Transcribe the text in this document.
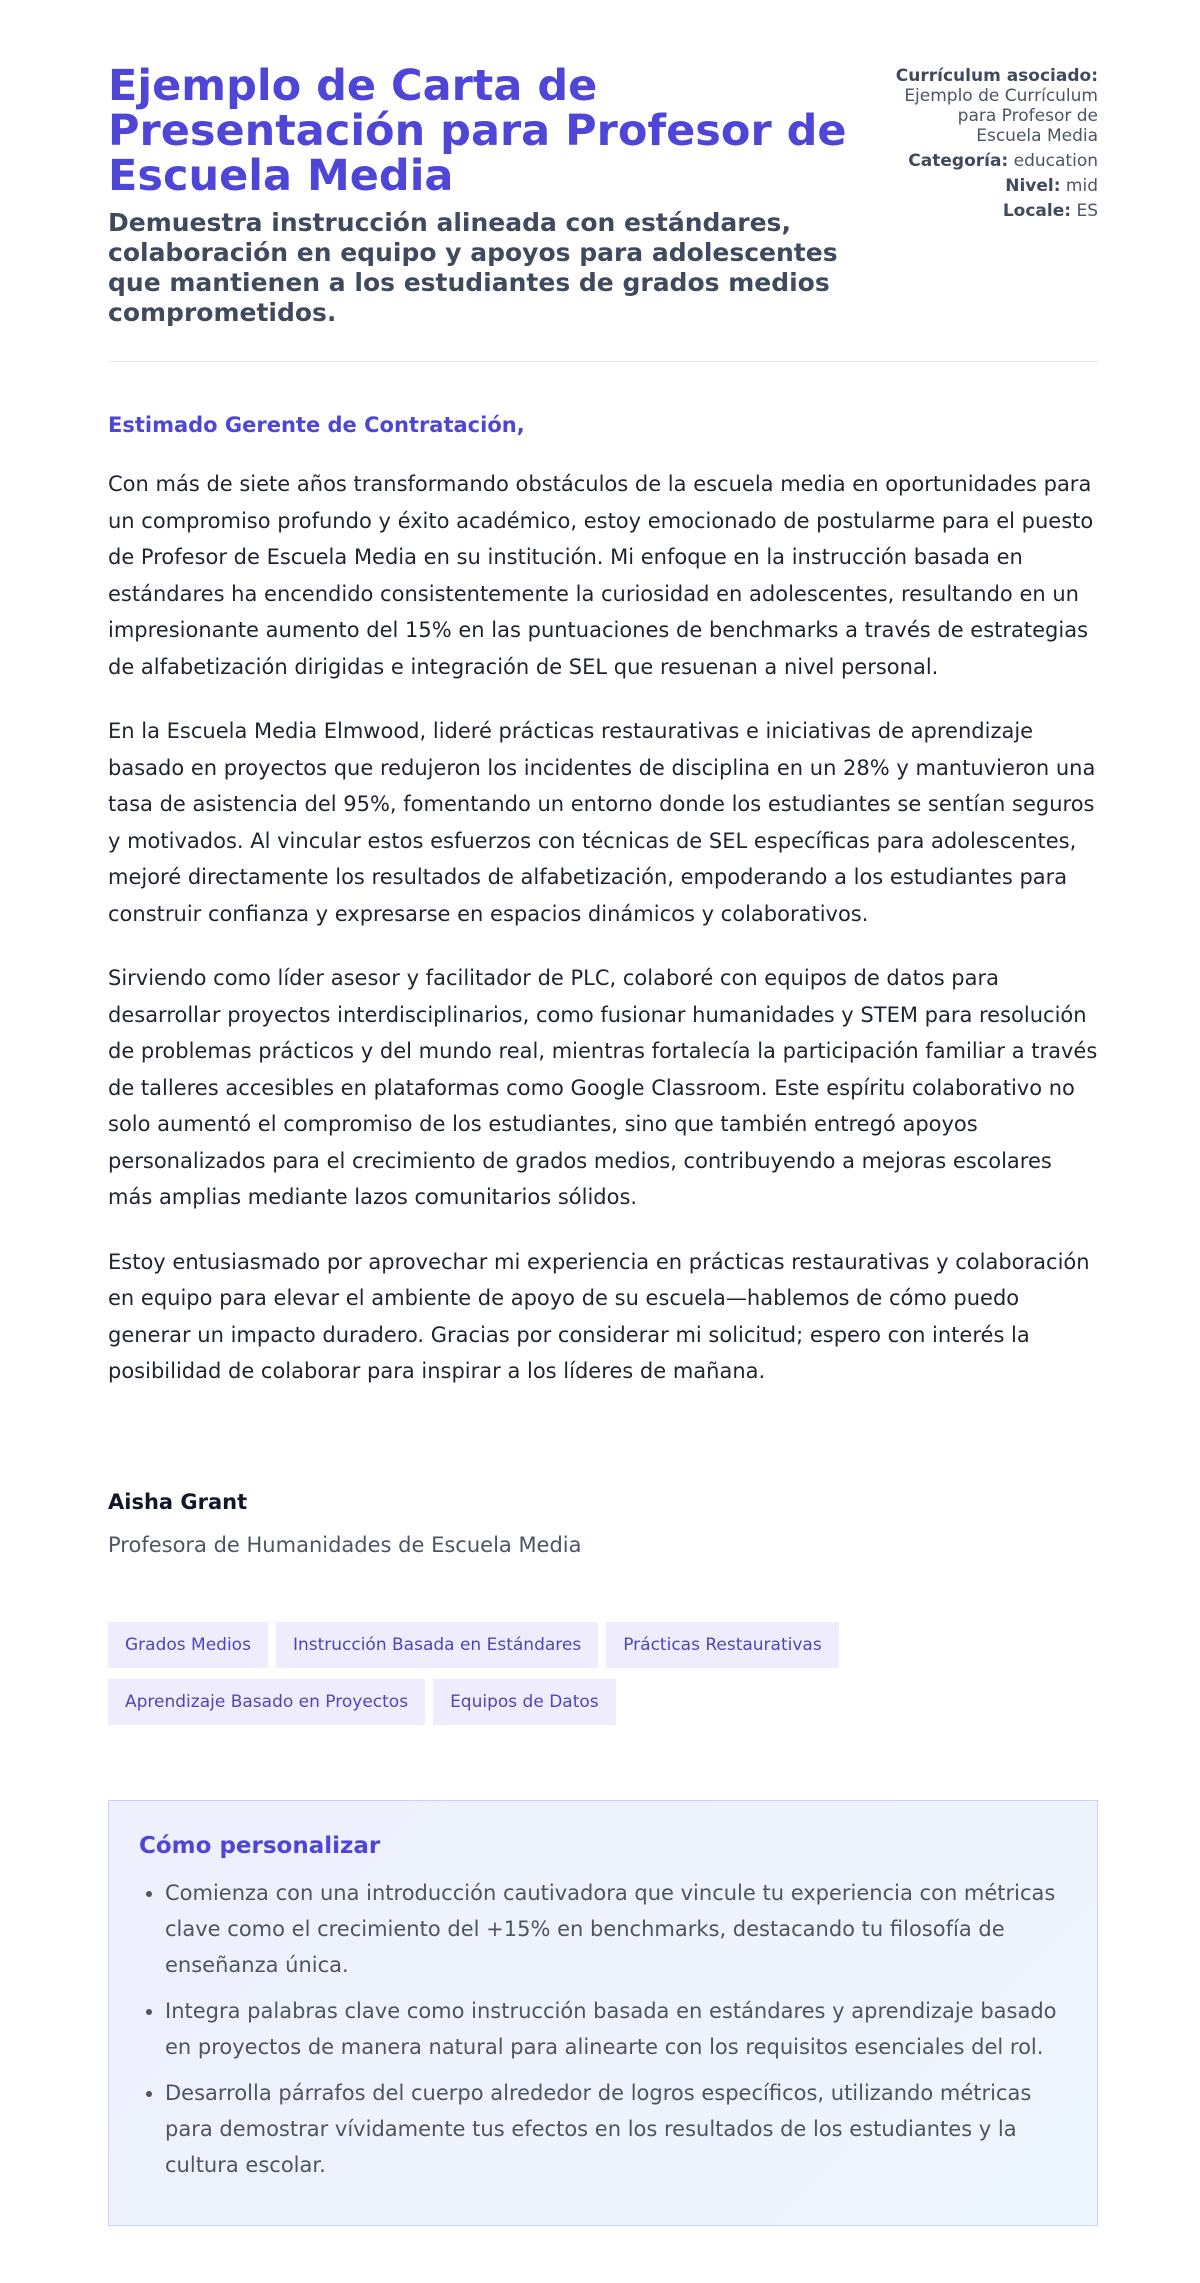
Ejemplo de Carta de Presentación para Profesor de Escuela Media
Demuestra instrucción alineada con estándares, colaboración en equipo y apoyos para adolescentes que mantienen a los estudiantes de grados medios comprometidos.
Currículum asociado:
Ejemplo de Currículum para Profesor de Escuela Media
Categoría: education
Nivel: mid
Locale: ES

Estimado Gerente de Contratación,

Con más de siete años transformando obstáculos de la escuela media en oportunidades para un compromiso profundo y éxito académico, estoy emocionado de postularme para el puesto de Profesor de Escuela Media en su institución. Mi enfoque en la instrucción basada en estándares ha encendido consistentemente la curiosidad en adolescentes, resultando en un impresionante aumento del 15% en las puntuaciones de benchmarks a través de estrategias de alfabetización dirigidas e integración de SEL que resuenan a nivel personal.

En la Escuela Media Elmwood, lideré prácticas restaurativas e iniciativas de aprendizaje basado en proyectos que redujeron los incidentes de disciplina en un 28% y mantuvieron una tasa de asistencia del 95%, fomentando un entorno donde los estudiantes se sentían seguros y motivados. Al vincular estos esfuerzos con técnicas de SEL específicas para adolescentes, mejoré directamente los resultados de alfabetización, empoderando a los estudiantes para construir confianza y expresarse en espacios dinámicos y colaborativos.

Sirviendo como líder asesor y facilitador de PLC, colaboré con equipos de datos para desarrollar proyectos interdisciplinarios, como fusionar humanidades y STEM para resolución de problemas prácticos y del mundo real, mientras fortalecía la participación familiar a través de talleres accesibles en plataformas como Google Classroom. Este espíritu colaborativo no solo aumentó el compromiso de los estudiantes, sino que también entregó apoyos personalizados para el crecimiento de grados medios, contribuyendo a mejoras escolares más amplias mediante lazos comunitarios sólidos.

Estoy entusiasmado por aprovechar mi experiencia en prácticas restaurativas y colaboración en equipo para elevar el ambiente de apoyo de su escuela—hablemos de cómo puedo generar un impacto duradero. Gracias por considerar mi solicitud; espero con interés la posibilidad de colaborar para inspirar a los líderes de mañana.

Aisha Grant

Profesora de Humanidades de Escuela Media

Grados Medios Instrucción Basada en Estándares Prácticas Restaurativas
Aprendizaje Basado en Proyectos Equipos de Datos
Cómo personalizar
• Comienza con una introducción cautivadora que vincule tu experiencia con métricas clave como el crecimiento del +15% en benchmarks, destacando tu filosofía de enseñanza única.
• Integra palabras clave como instrucción basada en estándares y aprendizaje basado en proyectos de manera natural para alinearte con los requisitos esenciales del rol.
• Desarrolla párrafos del cuerpo alrededor de logros específicos, utilizando métricas para demostrar vívidamente tus efectos en los resultados de los estudiantes y la cultura escolar.
